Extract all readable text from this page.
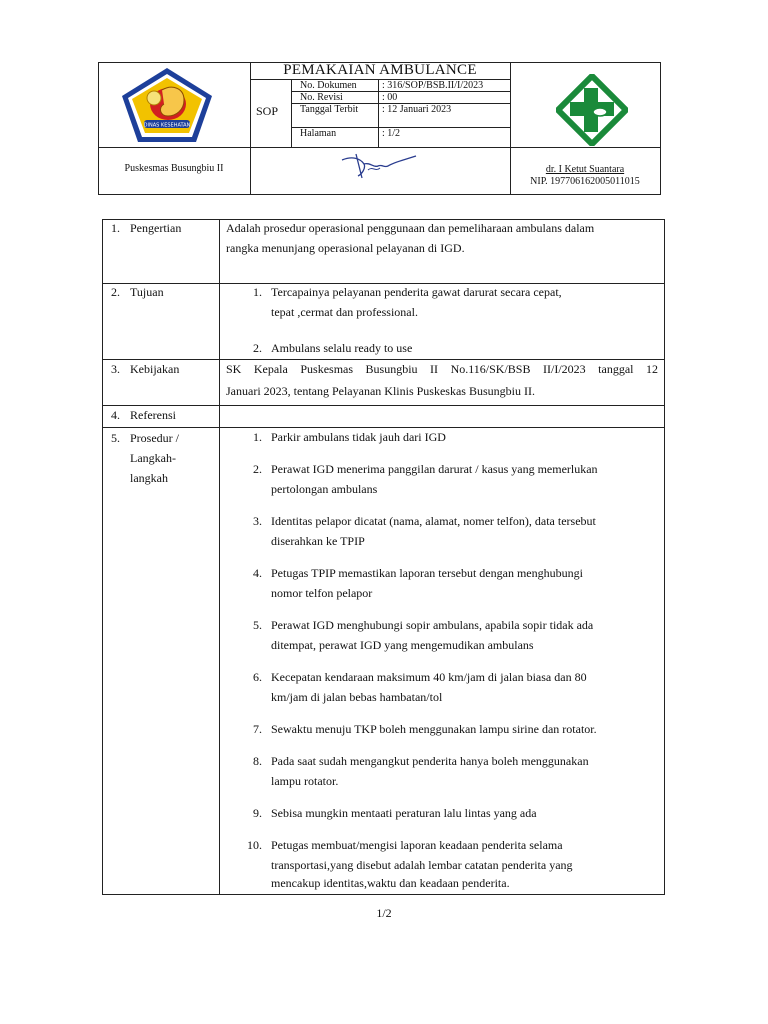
DINAS KESEHATAN
PEMAKAIAN AMBULANCE
SOP
No. Dokumen	: 316/SOP/BSB.II/I/2023
No. Revisi	: 00
Tanggal Terbit	: 12 Januari 2023
Halaman	: 1/2
Puskesmas Busungbiu II	dr. I Ketut Suantara
NIP. 197706162005011015
1. Pengertian	Adalah prosedur operasional penggunaan dan pemeliharaan ambulans dalam
rangka menunjang operasional pelayanan di IGD.
2. Tujuan	1. Tercapainya pelayanan penderita gawat darurat secara cepat,
tepat ,cermat dan professional.
2. Ambulans selalu ready to use
3. Kebijakan	SK Kepala Puskesmas Busungbiu II No.116/SK/BSB II/I/2023 tanggal 12
Januari 2023, tentang Pelayanan Klinis Puskeskas Busungbiu II.
4. Referensi
5. Prosedur /
Langkah-
langkah
1. Parkir ambulans tidak jauh dari IGD
2. Perawat IGD menerima panggilan darurat / kasus yang memerlukan
pertolongan ambulans
3. Identitas pelapor dicatat (nama, alamat, nomer telfon), data tersebut
diserahkan ke TPIP
4. Petugas TPIP memastikan laporan tersebut dengan menghubungi
nomor telfon pelapor
5. Perawat IGD menghubungi sopir ambulans, apabila sopir tidak ada
ditempat, perawat IGD yang mengemudikan ambulans
6. Kecepatan kendaraan maksimum 40 km/jam di jalan biasa dan 80
km/jam di jalan bebas hambatan/tol
7. Sewaktu menuju TKP boleh menggunakan lampu sirine dan rotator.
8. Pada saat sudah mengangkut penderita hanya boleh menggunakan
lampu rotator.
9. Sebisa mungkin mentaati peraturan lalu lintas yang ada
10. Petugas membuat/mengisi laporan keadaan penderita selama
transportasi,yang disebut adalah lembar catatan penderita yang
mencakup identitas,waktu dan keadaan penderita.
1/2
